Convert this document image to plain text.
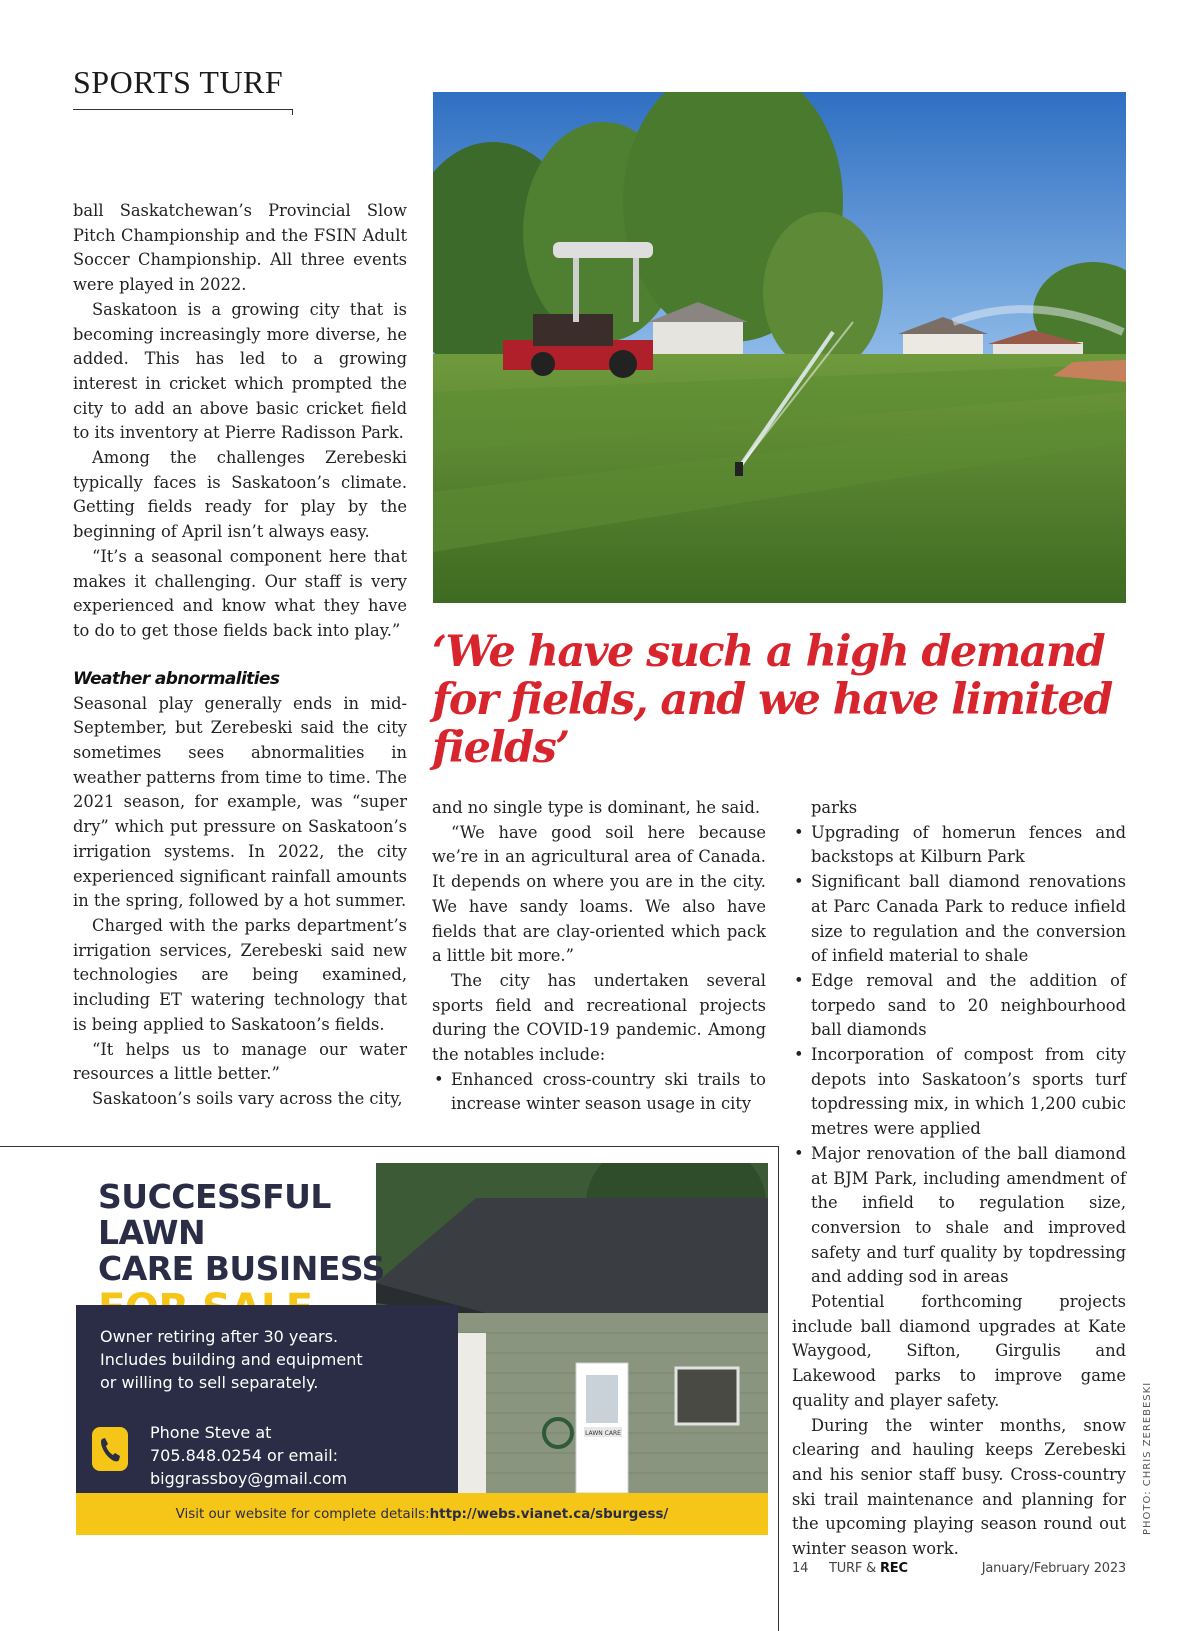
SPORTS TURF

ball Saskatchewan’s Provincial Slow Pitch Championship and the FSIN Adult Soccer Championship. All three events were played in 2022.

Saskatoon is a growing city that is becoming increasingly more diverse, he added. This has led to a growing interest in cricket which prompted the city to add an above basic cricket field to its inventory at Pierre Radisson Park.

Among the challenges Zerebeski typically faces is Saskatoon’s climate. Getting fields ready for play by the beginning of April isn’t always easy.

“It’s a seasonal component here that makes it challenging. Our staff is very experienced and know what they have to do to get those fields back into play.”

Weather abnormalities

Seasonal play generally ends in mid-September, but Zerebeski said the city sometimes sees abnormalities in weather patterns from time to time. The 2021 season, for example, was “super dry” which put pressure on Saskatoon’s irrigation systems. In 2022, the city experienced significant rainfall amounts in the spring, followed by a hot summer.

Charged with the parks department’s irrigation services, Zerebeski said new technologies are being examined, including ET watering technology that is being applied to Saskatoon’s fields.

“It helps us to manage our water resources a little better.”

Saskatoon’s soils vary across the city,

PHOTO: CHRIS ZEREBESKI
‘We have such a high demand for fields, and we have limited fields’

and no single type is dominant, he said.

“We have good soil here because we’re in an agricultural area of Canada. It depends on where you are in the city. We have sandy loams. We also have fields that are clay-oriented which pack a little bit more.”

The city has undertaken several sports field and recreational projects during the COVID-19 pandemic. Among the notables include:

• Enhanced cross-country ski trails to increase winter season usage in city

parks

• Upgrading of homerun fences and backstops at Kilburn Park
• Significant ball diamond renovations at Parc Canada Park to reduce infield size to regulation and the conversion of infield material to shale
• Edge removal and the addition of torpedo sand to 20 neighbourhood ball diamonds
• Incorporation of compost from city depots into Saskatoon’s sports turf topdressing mix, in which 1,200 cubic metres were applied
• Major renovation of the ball diamond at BJM Park, including amendment of the infield to regulation size, conversion to shale and improved safety and turf quality by topdressing and adding sod in areas

Potential forthcoming projects include ball diamond upgrades at Kate Waygood, Sifton, Girgulis and Lakewood parks to improve game quality and player safety.

During the winter months, snow clearing and hauling keeps Zerebeski and his senior staff busy. Cross-country ski trail maintenance and planning for the upcoming playing season round out winter season work.

LAWN CARE
SUCCESSFUL LAWN
CARE BUSINESS
Owner retiring after 30 years.
Includes building and equipment
or willing to sell separately.
Phone Steve at
705.848.0254 or email:
biggrassboy@gmail.com
Visit our website for complete details: http://webs.vianet.ca/sburgess/
14 TURF & REC	January/February 2023
